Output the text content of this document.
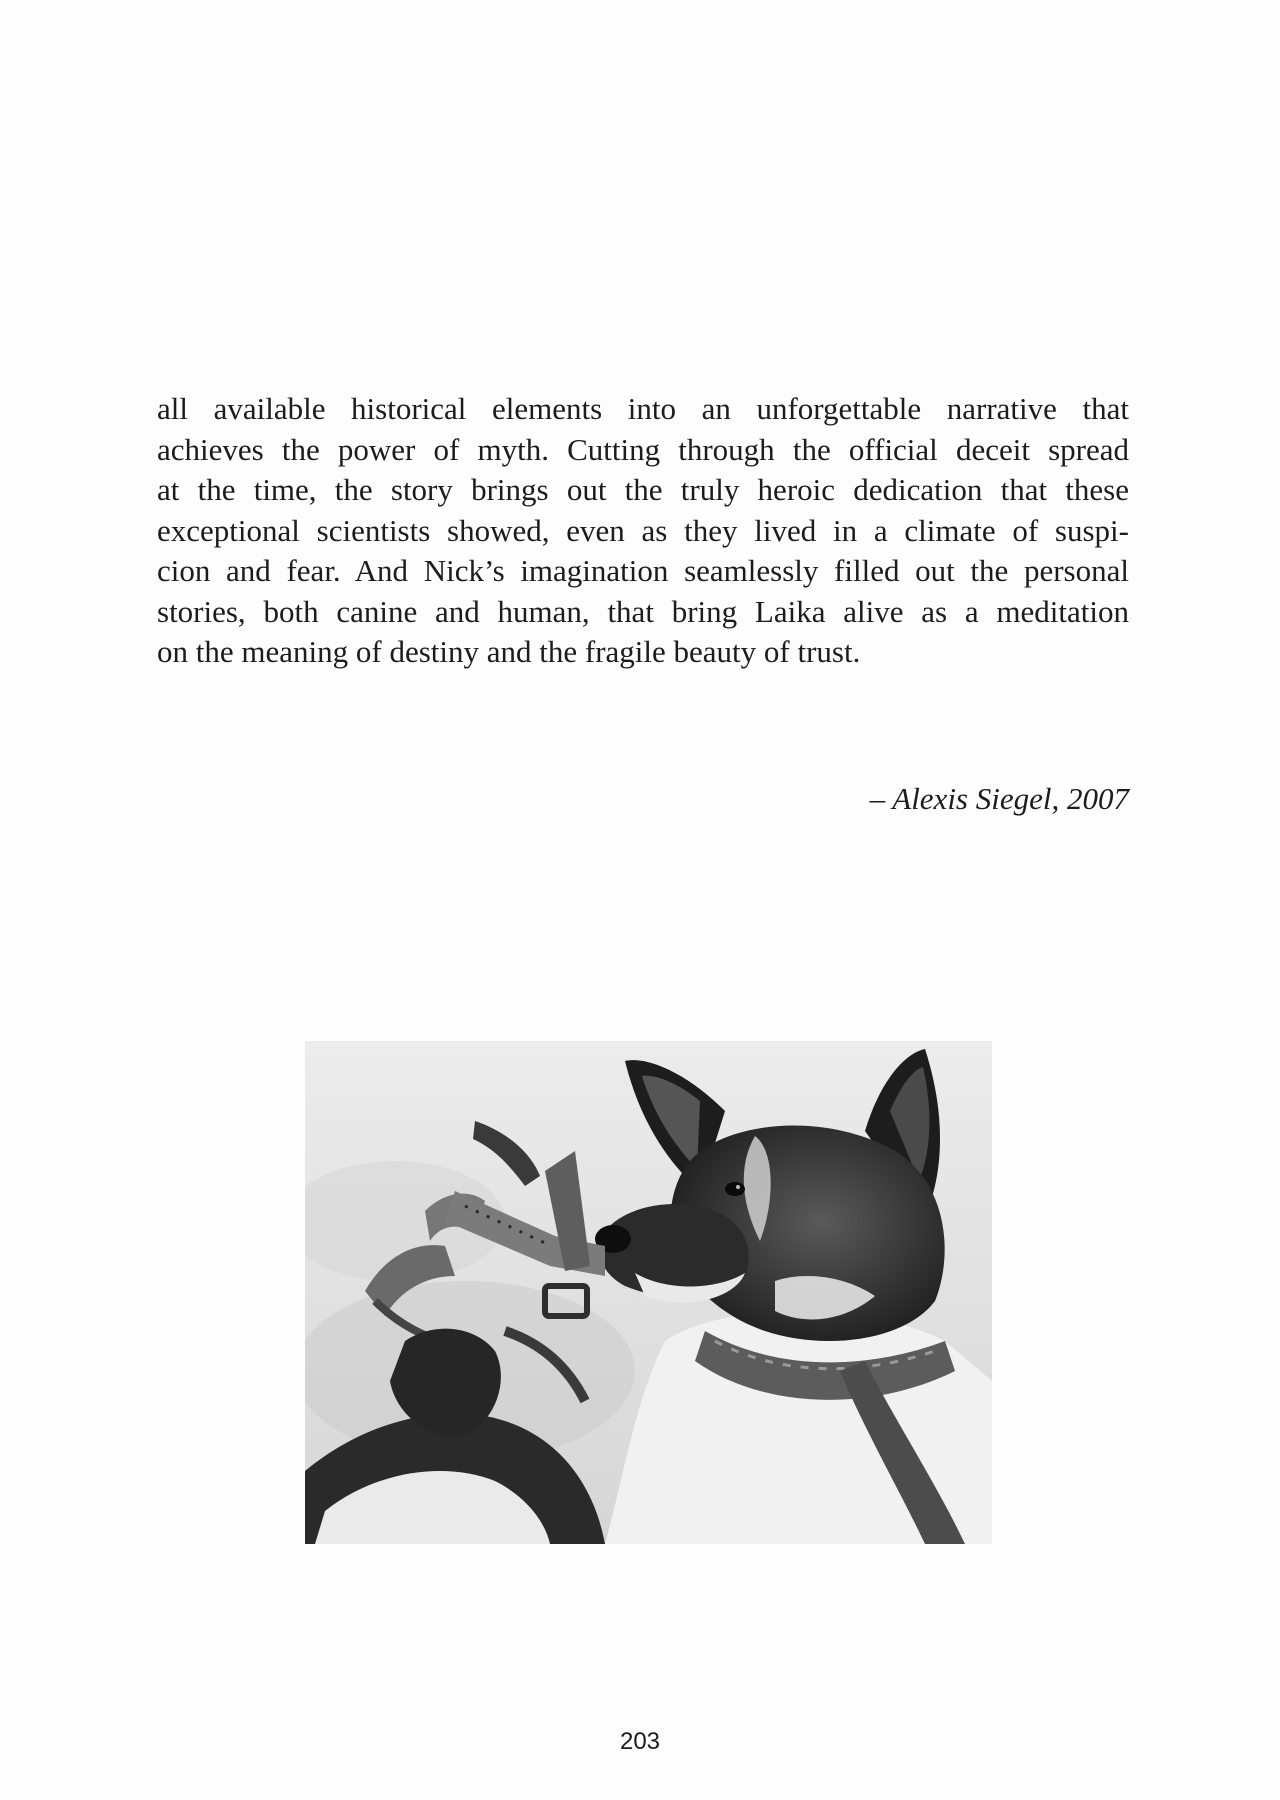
all available historical elements into an unforgettable narrative that
achieves the power of myth. Cutting through the official deceit spread
at the time, the story brings out the truly heroic dedication that these
exceptional scientists showed, even as they lived in a climate of suspi-
cion and fear. And Nick’s imagination seamlessly filled out the personal
stories, both canine and human, that bring Laika alive as a meditation
on the meaning of destiny and the fragile beauty of trust.
– Alexis Siegel, 2007
203
